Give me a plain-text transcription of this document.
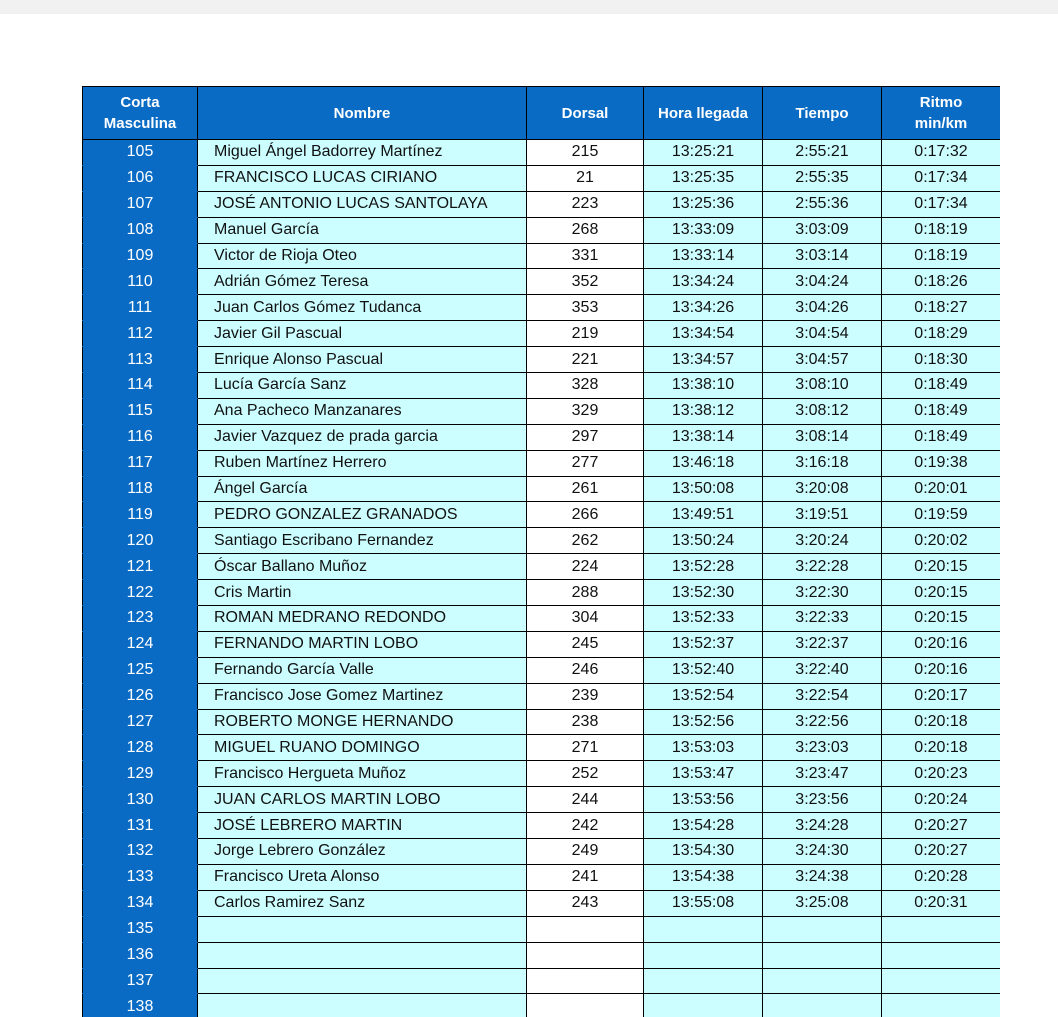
Corta
Masculina	Nombre	Dorsal	Hora llegada	Tiempo	Ritmo
min/km
105	Miguel Ángel Badorrey Martínez	215	13:25:21	2:55:21	0:17:32
106	FRANCISCO LUCAS CIRIANO	21	13:25:35	2:55:35	0:17:34
107	JOSÉ ANTONIO LUCAS SANTOLAYA	223	13:25:36	2:55:36	0:17:34
108	Manuel García	268	13:33:09	3:03:09	0:18:19
109	Victor de Rioja Oteo	331	13:33:14	3:03:14	0:18:19
110	Adrián Gómez Teresa	352	13:34:24	3:04:24	0:18:26
111	Juan Carlos Gómez Tudanca	353	13:34:26	3:04:26	0:18:27
112	Javier Gil Pascual	219	13:34:54	3:04:54	0:18:29
113	Enrique Alonso Pascual	221	13:34:57	3:04:57	0:18:30
114	Lucía García Sanz	328	13:38:10	3:08:10	0:18:49
115	Ana Pacheco Manzanares	329	13:38:12	3:08:12	0:18:49
116	Javier Vazquez de prada garcia	297	13:38:14	3:08:14	0:18:49
117	Ruben Martínez Herrero	277	13:46:18	3:16:18	0:19:38
118	Ángel García	261	13:50:08	3:20:08	0:20:01
119	PEDRO GONZALEZ GRANADOS	266	13:49:51	3:19:51	0:19:59
120	Santiago Escribano Fernandez	262	13:50:24	3:20:24	0:20:02
121	Óscar Ballano Muñoz	224	13:52:28	3:22:28	0:20:15
122	Cris Martin	288	13:52:30	3:22:30	0:20:15
123	ROMAN MEDRANO REDONDO	304	13:52:33	3:22:33	0:20:15
124	FERNANDO MARTIN LOBO	245	13:52:37	3:22:37	0:20:16
125	Fernando García Valle	246	13:52:40	3:22:40	0:20:16
126	Francisco Jose Gomez Martinez	239	13:52:54	3:22:54	0:20:17
127	ROBERTO MONGE HERNANDO	238	13:52:56	3:22:56	0:20:18
128	MIGUEL RUANO DOMINGO	271	13:53:03	3:23:03	0:20:18
129	Francisco Hergueta Muñoz	252	13:53:47	3:23:47	0:20:23
130	JUAN CARLOS MARTIN LOBO	244	13:53:56	3:23:56	0:20:24
131	JOSÉ LEBRERO MARTIN	242	13:54:28	3:24:28	0:20:27
132	Jorge Lebrero González	249	13:54:30	3:24:30	0:20:27
133	Francisco Ureta Alonso	241	13:54:38	3:24:38	0:20:28
134	Carlos Ramirez Sanz	243	13:55:08	3:25:08	0:20:31
135					
136					
137					
138					
